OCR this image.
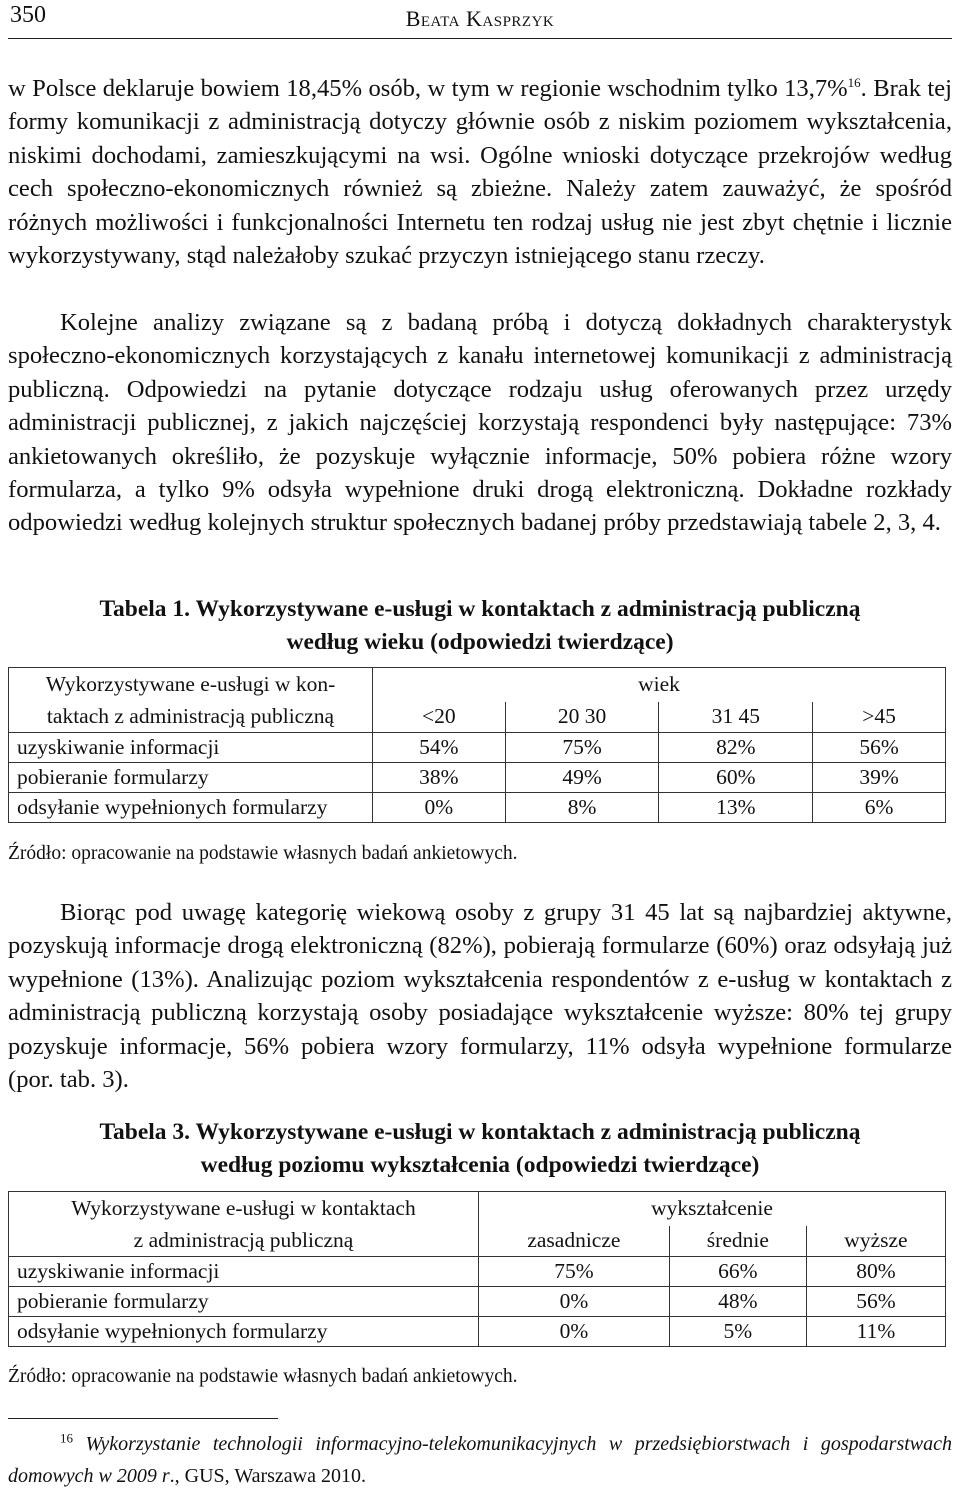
350	Beata Kasprzyk

w Polsce deklaruje bowiem 18,45% osób, w tym w regionie wschodnim tylko 13,7%$^{16}$. Brak tej formy komunikacji z administracją dotyczy głównie osób z niskim poziomem wykształcenia, niskimi dochodami, zamieszkującymi na wsi. Ogólne wnioski dotyczące przekrojów według cech społeczno-ekonomicznych również są zbieżne. Należy zatem zauważyć, że spośród różnych możliwości i funkcjonalności Internetu ten rodzaj usług nie jest zbyt chętnie i licznie wykorzystywany, stąd należałoby szukać przyczyn istniejącego stanu rzeczy.

Kolejne analizy związane są z badaną próbą i dotyczą dokładnych charakterystyk społeczno-ekonomicznych korzystających z kanału internetowej komunikacji z administracją publiczną. Odpowiedzi na pytanie dotyczące rodzaju usług oferowanych przez urzędy administracji publicznej, z jakich najczęściej korzystają respondenci były następujące: 73% ankietowanych określiło, że pozyskuje wyłącznie informacje, 50% pobiera różne wzory formularza, a tylko 9% odsyła wypełnione druki drogą elektroniczną. Dokładne rozkłady odpowiedzi według kolejnych struktur społecznych badanej próby przedstawiają tabele 2, 3, 4.

Tabela 1. Wykorzystywane e-usługi w kontaktach z administracją publiczną
według wieku (odpowiedzi twierdzące)
Wykorzystywane e-usługi w kon-
taktach z administracją publiczną	wiek			
	<20	20 30	31 45	>45
uzyskiwanie informacji	54%	75%	82%	56%
pobieranie formularzy	38%	49%	60%	39%
odsyłanie wypełnionych formularzy	0%	8%	13%	6%
Źródło: opracowanie na podstawie własnych badań ankietowych.

Biorąc pod uwagę kategorię wiekową osoby z grupy 31 45 lat są najbardziej aktywne, pozyskują informacje drogą elektroniczną (82%), pobierają formularze (60%) oraz odsyłają już wypełnione (13%). Analizując poziom wykształcenia respondentów z e-usług w kontaktach z administracją publiczną korzystają osoby posiadające wykształcenie wyższe: 80% tej grupy pozyskuje informacje, 56% pobiera wzory formularzy, 11% odsyła wypełnione formularze (por. tab. 3).

Tabela 3. Wykorzystywane e-usługi w kontaktach z administracją publiczną
według poziomu wykształcenia (odpowiedzi twierdzące)
Wykorzystywane e-usługi w kontaktach
z administracją publiczną	wykształcenie		
	zasadnicze	średnie	wyższe
uzyskiwanie informacji	75%	66%	80%
pobieranie formularzy	0%	48%	56%
odsyłanie wypełnionych formularzy	0%	5%	11%
Źródło: opracowanie na podstawie własnych badań ankietowych.

$^{16}$ Wykorzystanie technologii informacyjno-telekomunikacyjnych w przedsiębiorstwach i gospodarstwach domowych w 2009 r., GUS, Warszawa 2010.
